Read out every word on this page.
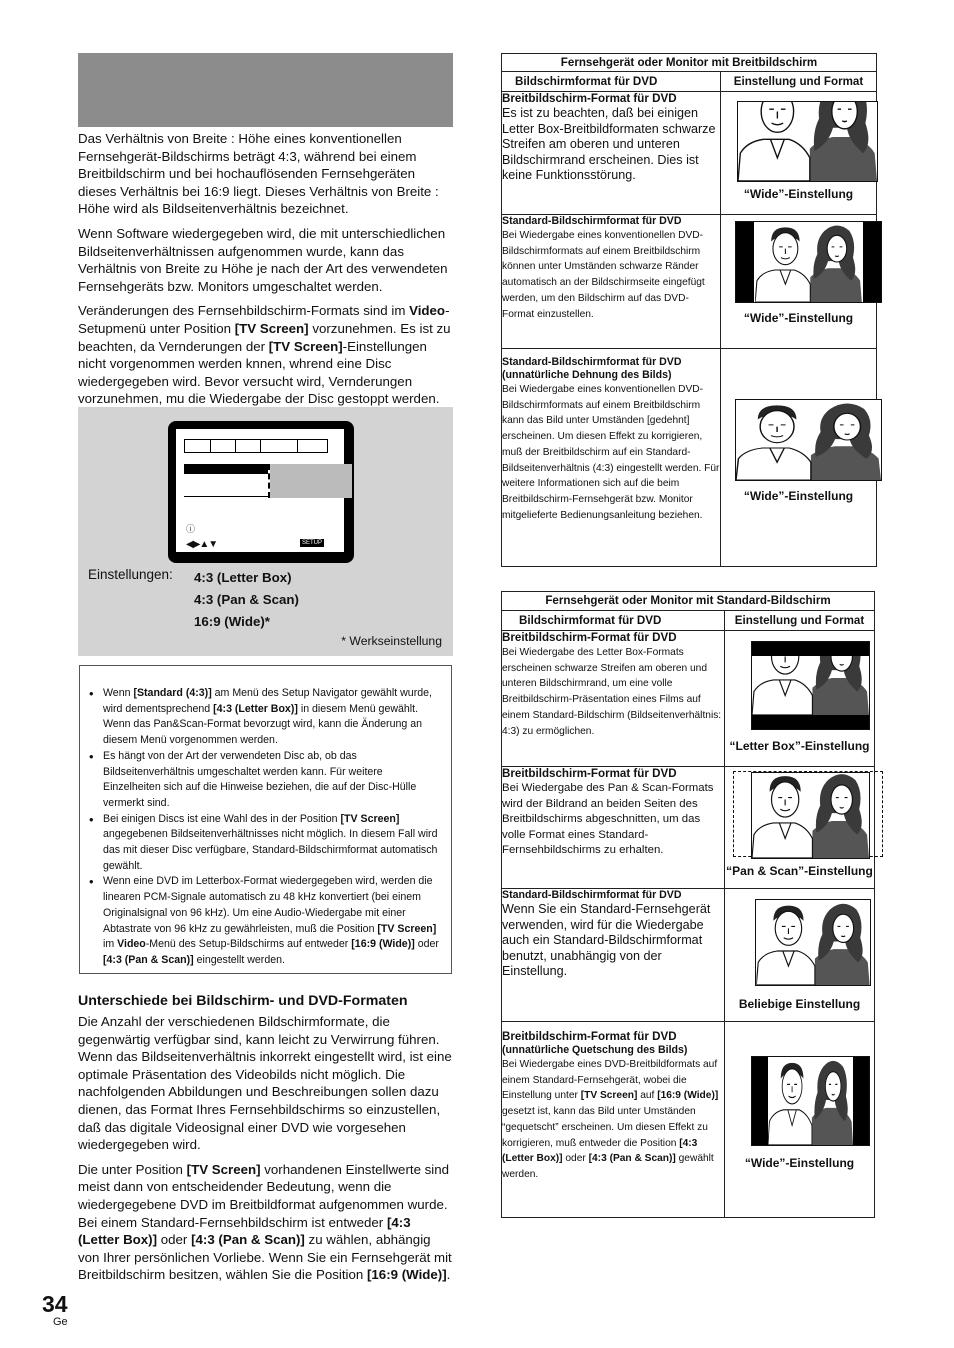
Das Verhältnis von Breite : Höhe eines konventionellen Fernsehgerät-Bildschirms beträgt 4:3, während bei einem Breitbildschirm und bei hochauflösenden Fernsehgeräten dieses Verhältnis bei 16:9 liegt. Dieses Verhältnis von Breite : Höhe wird als Bildseitenverhältnis bezeichnet.

Wenn Software wiedergegeben wird, die mit unterschiedlichen Bildseitenverhältnissen aufgenommen wurde, kann das Verhältnis von Breite zu Höhe je nach der Art des verwendeten Fernsehgeräts bzw. Monitors umgeschaltet werden.

Veränderungen des Fernsehbildschirm-Formats sind im Video-Setupmenü unter Position [TV Screen] vorzunehmen. Es ist zu beachten, da Vernderungen der [TV Screen]-Einstellungen nicht vorgenommen werden knnen, whrend eine Disc wiedergegeben wird. Bevor versucht wird, Vernderungen vorzunehmen, mu die Wiedergabe der Disc gestoppt werden.

ⓘ
◀▶▲▼	SETUP
Einstellungen: 4:3 (Letter Box)
4:3 (Pan & Scan)
16:9 (Wide)*
* Werkseinstellung
• Wenn [Standard (4:3)] am Menü des Setup Navigator gewählt wurde, wird dementsprechend [4:3 (Letter Box)] in diesem Menü gewählt. Wenn das Pan&Scan-Format bevorzugt wird, kann die Änderung an diesem Menü vorgenommen werden.
• Es hängt von der Art der verwendeten Disc ab, ob das Bildseitenverhältnis umgeschaltet werden kann. Für weitere Einzelheiten sich auf die Hinweise beziehen, die auf der Disc-Hülle vermerkt sind.
• Bei einigen Discs ist eine Wahl des in der Position [TV Screen] angegebenen Bildseitenverhältnisses nicht möglich. In diesem Fall wird das mit dieser Disc verfügbare, Standard-Bildschirmformat automatisch gewählt.
• Wenn eine DVD im Letterbox-Format wiedergegeben wird, werden die linearen PCM-Signale automatisch zu 48 kHz konvertiert (bei einem Originalsignal von 96 kHz). Um eine Audio-Wiedergabe mit einer Abtastrate von 96 kHz zu gewährleisten, muß die Position [TV Screen] im Video-Menü des Setup-Bildschirms auf entweder [16:9 (Wide)] oder [4:3 (Pan & Scan)] eingestellt werden.
Unterschiede bei Bildschirm- und DVD-Formaten

Die Anzahl der verschiedenen Bildschirmformate, die gegenwärtig verfügbar sind, kann leicht zu Verwirrung führen. Wenn das Bildseitenverhältnis inkorrekt eingestellt wird, ist eine optimale Präsentation des Videobilds nicht möglich. Die nachfolgenden Abbildungen und Beschreibungen sollen dazu dienen, das Format Ihres Fernsehbildschirms so einzustellen, daß das digitale Videosignal einer DVD wie vorgesehen wiedergegeben wird.

Die unter Position [TV Screen] vorhandenen Einstellwerte sind meist dann von entscheidender Bedeutung, wenn die wiedergegebene DVD im Breitbildformat aufgenommen wurde. Bei einem Standard-Fernsehbildschirm ist entweder [4:3 (Letter Box)] oder [4:3 (Pan & Scan)] zu wählen, abhängig von Ihrer persönlichen Vorliebe. Wenn Sie ein Fernsehgerät mit Breitbildschirm besitzen, wählen Sie die Position [16:9 (Wide)].

Fernsehgerät oder Monitor mit Breitbildschirm	
Bildschirmformat für DVD	Einstellung und Format

Breitbildschirm-Format für DVD
Es ist zu beachten, daß bei einigen Letter Box-Breitbildformaten schwarze Streifen am oberen und unteren Bildschirmrand erscheinen. Dies ist keine Funktionsstörung.	“Wide”-Einstellung

Standard-Bildschirmformat für DVD
Bei Wiedergabe eines konventionellen DVD-Bildschirmformats auf einem Breitbildschirm können unter Umständen schwarze Ränder automatisch an der Bildschirmseite eingefügt werden, um den Bildschirm auf das DVD-Format einzustellen.	“Wide”-Einstellung

Standard-Bildschirmformat für DVD
(unnatürliche Dehnung des Bilds)
Bei Wiedergabe eines konventionellen DVD-Bildschirmformats auf einem Breitbildschirm kann das Bild unter Umständen [gedehnt] erscheinen. Um diesen Effekt zu korrigieren, muß der Breitbildschirm auf ein Standard-Bildseitenverhältnis (4:3) eingestellt werden. Für weitere Informationen sich auf die beim Breitbildschirm-Fernsehgerät bzw. Monitor mitgelieferte Bedienungsanleitung beziehen.	“Wide”-Einstellung
Fernsehgerät oder Monitor mit Standard-Bildschirm	
Bildschirmformat für DVD	Einstellung und Format

Breitbildschirm-Format für DVD
Bei Wiedergabe des Letter Box-Formats erscheinen schwarze Streifen am oberen und unteren Bildschirmrand, um eine volle Breitbildschirm-Präsentation eines Films auf einem Standard-Bildschirm (Bildseitenverhältnis: 4:3) zu ermöglichen.	“Letter Box”-Einstellung

Breitbildschirm-Format für DVD
Bei Wiedergabe des Pan & Scan-Formats wird der Bildrand an beiden Seiten des Breitbildschirms abgeschnitten, um das volle Format eines Standard-Fernsehbildschirms zu erhalten.	“Pan & Scan”-Einstellung

Standard-Bildschirmformat für DVD
Wenn Sie ein Standard-Fernsehgerät verwenden, wird für die Wiedergabe auch ein Standard-Bildschirmformat benutzt, unabhängig von der Einstellung.	Beliebige Einstellung

Breitbildschirm-Format für DVD
(unnatürliche Quetschung des Bilds)
Bei Wiedergabe eines DVD-Breitbildformats auf einem Standard-Fernsehgerät, wobei die Einstellung unter [TV Screen] auf [16:9 (Wide)] gesetzt ist, kann das Bild unter Umständen “gequetscht” erscheinen. Um diesen Effekt zu korrigieren, muß entweder die Position [4:3 (Letter Box)] oder [4:3 (Pan & Scan)] gewählt werden.	“Wide”-Einstellung
34
Ge
